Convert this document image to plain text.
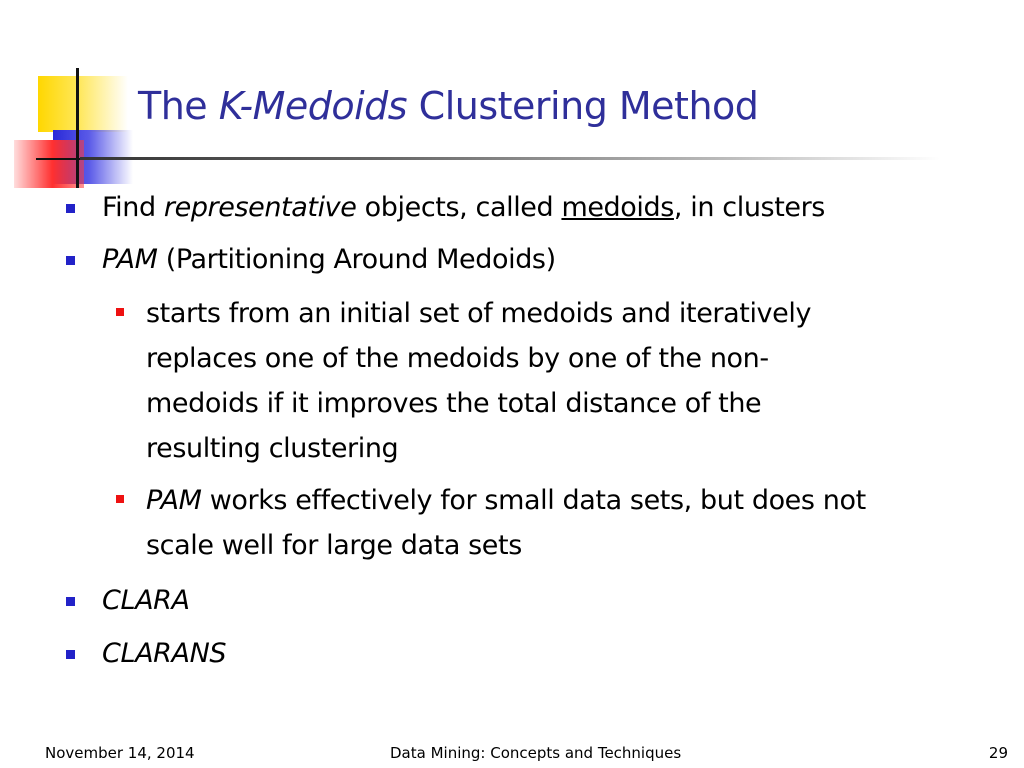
The K-Medoids Clustering Method
Find representative objects, called medoids, in clusters
PAM (Partitioning Around Medoids)
starts from an initial set of medoids and iteratively
replaces one of the medoids by one of the non-
medoids if it improves the total distance of the
resulting clustering
PAM works effectively for small data sets, but does not
scale well for large data sets
CLARA
CLARANS
November 14, 2014	Data Mining: Concepts and Techniques	29
